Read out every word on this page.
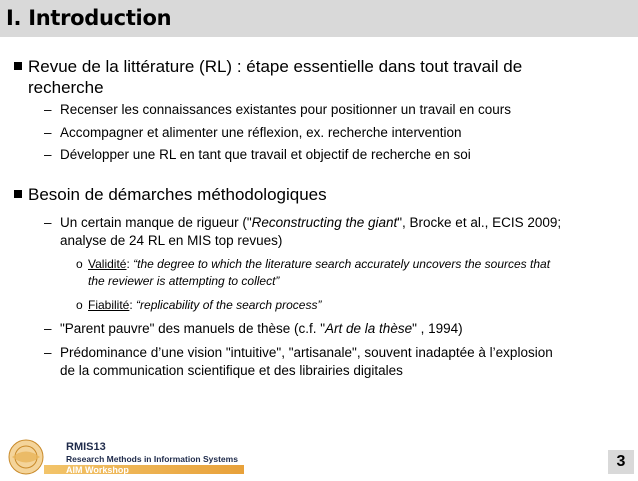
I. Introduction
Revue de la littérature (RL) : étape essentielle dans tout travail de
recherche
– Recenser les connaissances existantes pour positionner un travail en cours
– Accompagner et alimenter une réflexion, ex. recherche intervention
– Développer une RL en tant que travail et objectif de recherche en soi
Besoin de démarches méthodologiques
– Un certain manque de rigueur ("Reconstructing the giant", Brocke et al., ECIS 2009;
analyse de 24 RL en MIS top revues)
o Validité: “the degree to which the literature search accurately uncovers the sources that
the reviewer is attempting to collect”
o Fiabilité: “replicability of the search process”
– "Parent pauvre" des manuels de thèse (c.f. "Art de la thèse" , 1994)
– Prédominance d’une vision "intuitive", "artisanale", souvent inadaptée à l’explosion
de la communication scientifique et des librairies digitales
RMIS13
Research Methods in Information Systems
AIM Workshop	3
